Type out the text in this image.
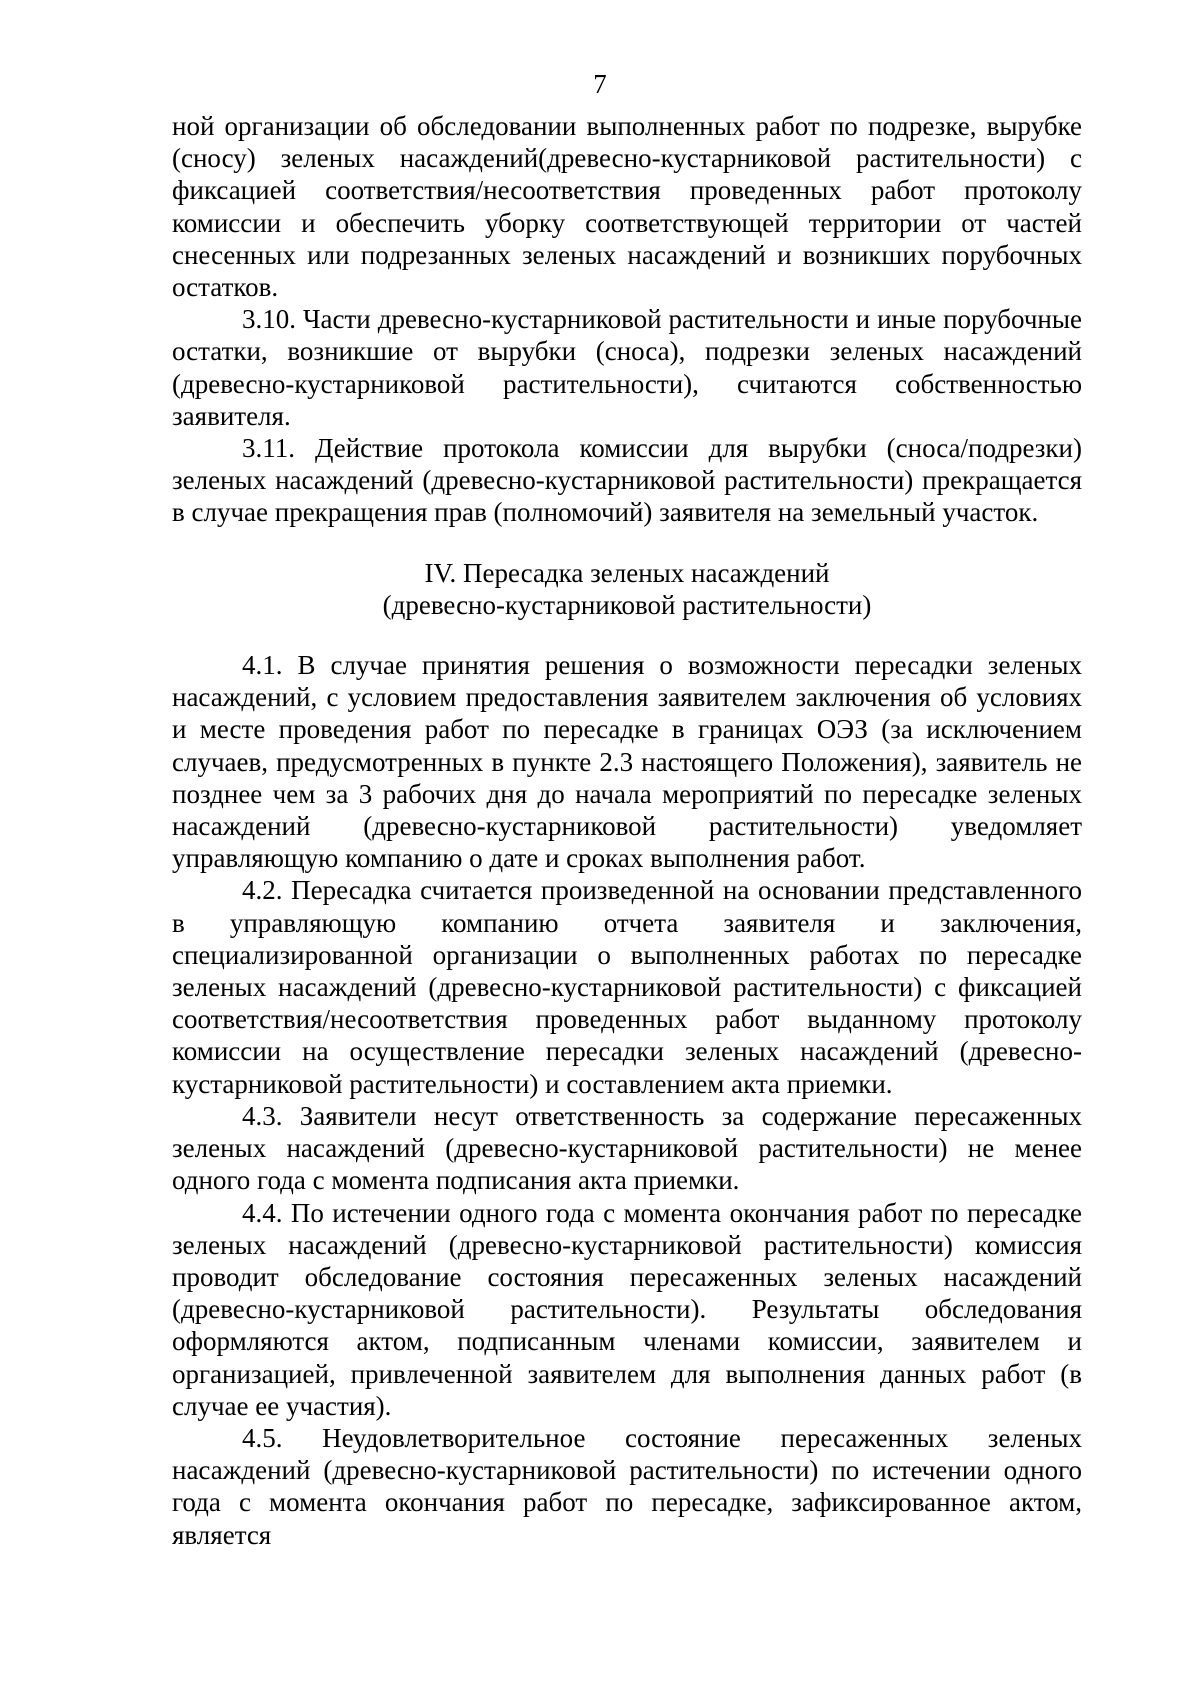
7

ной организации об обследовании выполненных работ по подрезке, вырубке (сносу) зеленых насаждений(древесно-кустарниковой растительности) с фиксацией соответствия/несоответствия проведенных работ протоколу комиссии и обеспечить уборку соответствующей территории от частей снесенных или подрезанных зеленых насаждений и возникших порубочных остатков.

3.10. Части древесно-кустарниковой растительности и иные порубочные остатки, возникшие от вырубки (сноса), подрезки зеленых насаждений (древесно-кустарниковой растительности), считаются собственностью заявителя.

3.11. Действие протокола комиссии для вырубки (сноса/подрезки) зеленых насаждений (древесно-кустарниковой растительности) прекращается в случае прекращения прав (полномочий) заявителя на земельный участок.

IV. Пересадка зеленых насаждений
(древесно-кустарниковой растительности)

4.1. В случае принятия решения о возможности пересадки зеленых насаждений, с условием предоставления заявителем заключения об условиях и месте проведения работ по пересадке в границах ОЭЗ (за исключением случаев, предусмотренных в пункте 2.3 настоящего Положения), заявитель не позднее чем за 3 рабочих дня до начала мероприятий по пересадке зеленых насаждений (древесно-кустарниковой растительности) уведомляет управляющую компанию о дате и сроках выполнения работ.

4.2. Пересадка считается произведенной на основании представленного в управляющую компанию отчета заявителя и заключения, специализированной организации о выполненных работах по пересадке зеленых насаждений (древесно-кустарниковой растительности) с фиксацией соответствия/несоответствия проведенных работ выданному протоколу комиссии на осуществление пересадки зеленых насаждений (древесно-кустарниковой растительности) и составлением акта приемки.

4.3. Заявители несут ответственность за содержание пересаженных зеленых насаждений (древесно-кустарниковой растительности) не менее одного года с момента подписания акта приемки.

4.4. По истечении одного года с момента окончания работ по пересадке зеленых насаждений (древесно-кустарниковой растительности) комиссия проводит обследование состояния пересаженных зеленых насаждений (древесно-кустарниковой растительности). Результаты обследования оформляются актом, подписанным членами комиссии, заявителем и организацией, привлеченной заявителем для выполнения данных работ (в случае ее участия).

4.5. Неудовлетворительное состояние пересаженных зеленых насаждений (древесно-кустарниковой растительности) по истечении одного года с момента окончания работ по пересадке, зафиксированное актом, является
